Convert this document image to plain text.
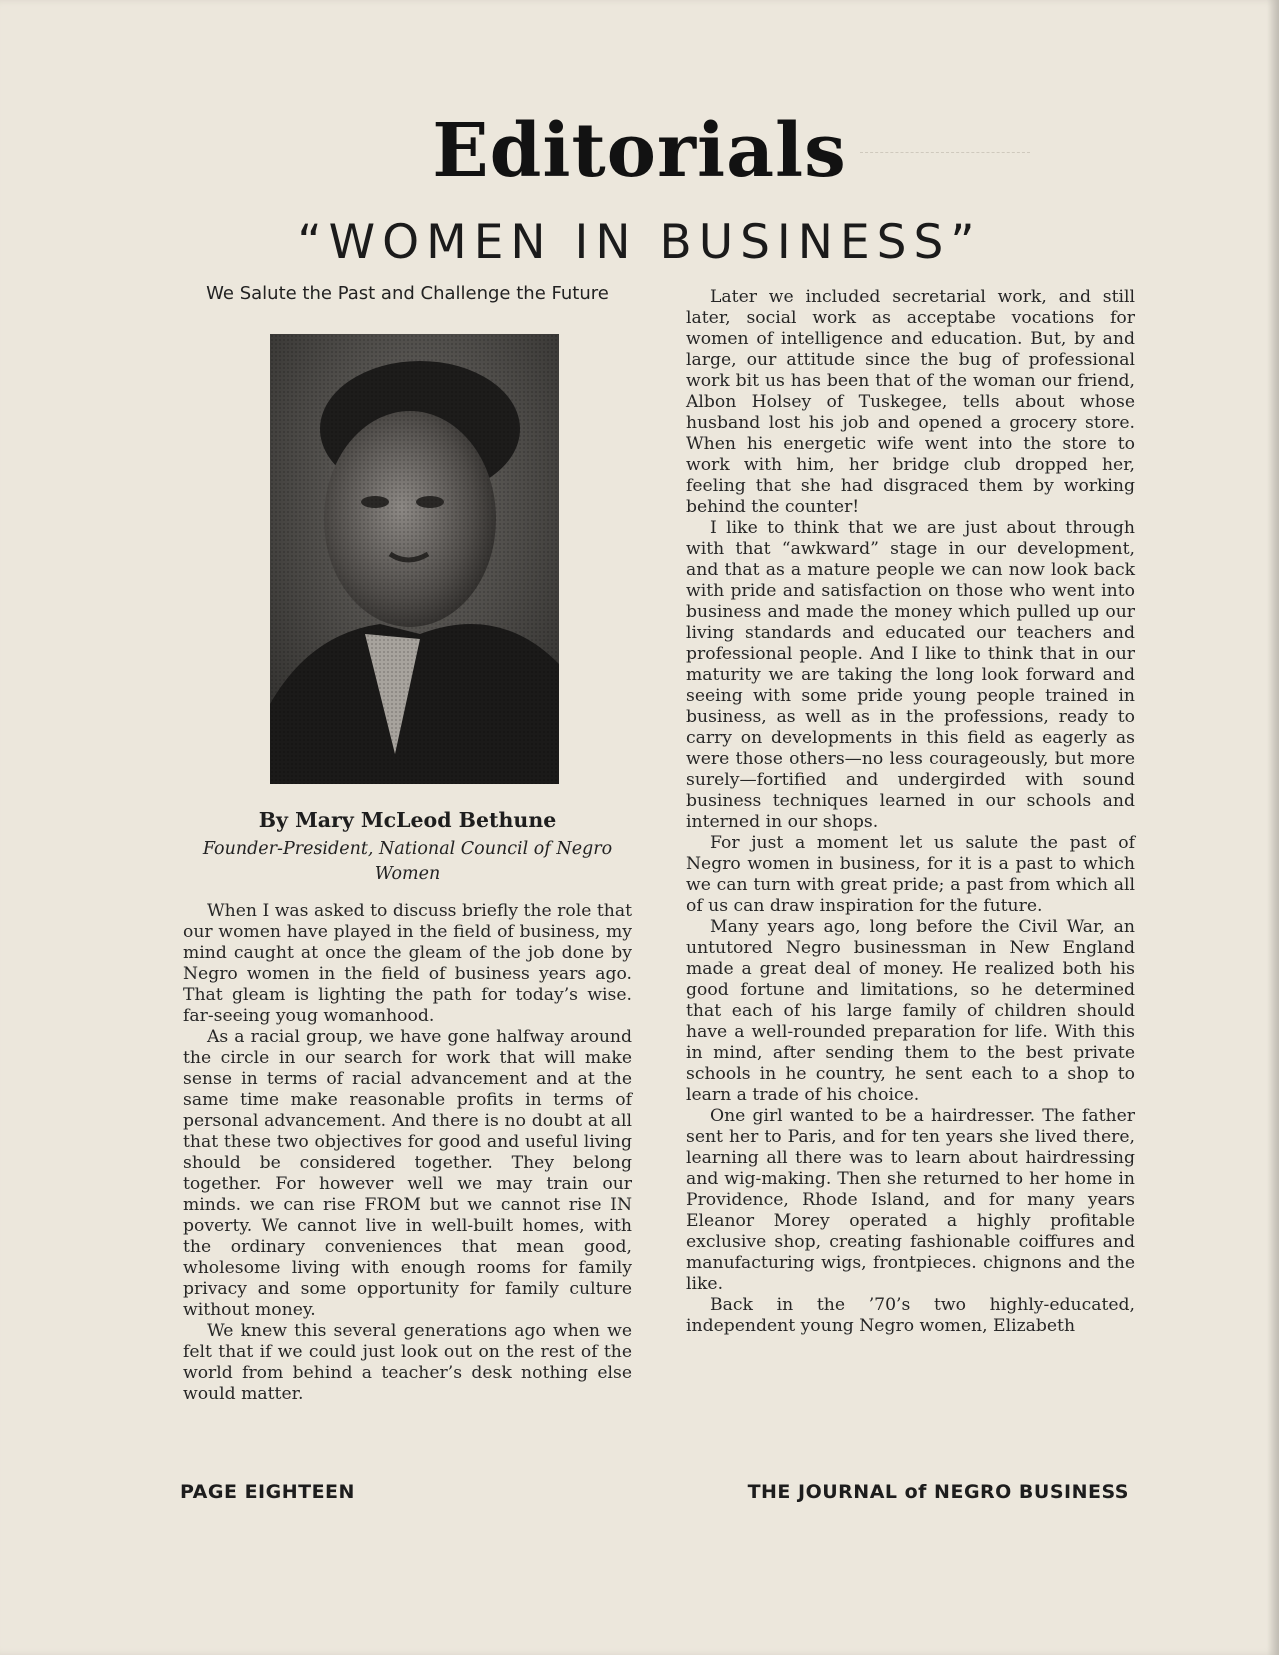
Editorials
“WOMEN IN BUSINESS”
We Salute the Past and Challenge the Future
By Mary McLeod Bethune
Founder-President, National Council of Negro Women

When I was asked to discuss briefly the role that our women have played in the field of business, my mind caught at once the gleam of the job done by Negro women in the field of business years ago. That gleam is lighting the path for today’s wise. far-seeing youg womanhood.

As a racial group, we have gone halfway around the circle in our search for work that will make sense in terms of racial advancement and at the same time make reasonable profits in terms of personal advancement. And there is no doubt at all that these two objectives for good and useful living should be considered together. They belong together. For however well we may train our minds. we can rise FROM but we cannot rise IN poverty. We cannot live in well-built homes, with the ordinary conveniences that mean good, wholesome living with enough rooms for family privacy and some opportunity for family culture without money.

We knew this several generations ago when we felt that if we could just look out on the rest of the world from behind a teacher’s desk nothing else would matter.

Later we included secretarial work, and still later, social work as acceptabe vocations for women of intelligence and education. But, by and large, our attitude since the bug of professional work bit us has been that of the woman our friend, Albon Holsey of Tuskegee, tells about whose husband lost his job and opened a grocery store. When his energetic wife went into the store to work with him, her bridge club dropped her, feeling that she had disgraced them by working behind the counter!

I like to think that we are just about through with that “awkward” stage in our development, and that as a mature people we can now look back with pride and satisfaction on those who went into business and made the money which pulled up our living standards and educated our teachers and professional people. And I like to think that in our maturity we are taking the long look forward and seeing with some pride young people trained in business, as well as in the professions, ready to carry on developments in this field as eagerly as were those others—no less courageously, but more surely—fortified and undergirded with sound business techniques learned in our schools and interned in our shops.

For just a moment let us salute the past of Negro women in business, for it is a past to which we can turn with great pride; a past from which all of us can draw inspiration for the future.

Many years ago, long before the Civil War, an untutored Negro businessman in New England made a great deal of money. He realized both his good fortune and limitations, so he determined that each of his large family of children should have a well-rounded preparation for life. With this in mind, after sending them to the best private schools in he country, he sent each to a shop to learn a trade of his choice.

One girl wanted to be a hairdresser. The father sent her to Paris, and for ten years she lived there, learning all there was to learn about hairdressing and wig-making. Then she returned to her home in Providence, Rhode Island, and for many years Eleanor Morey operated a highly profitable exclusive shop, creating fashionable coiffures and manufacturing wigs, frontpieces. chignons and the like.

Back in the ’70’s two highly-educated, independent young Negro women, Elizabeth

PAGE EIGHTEEN	THE JOURNAL of NEGRO BUSINESS
